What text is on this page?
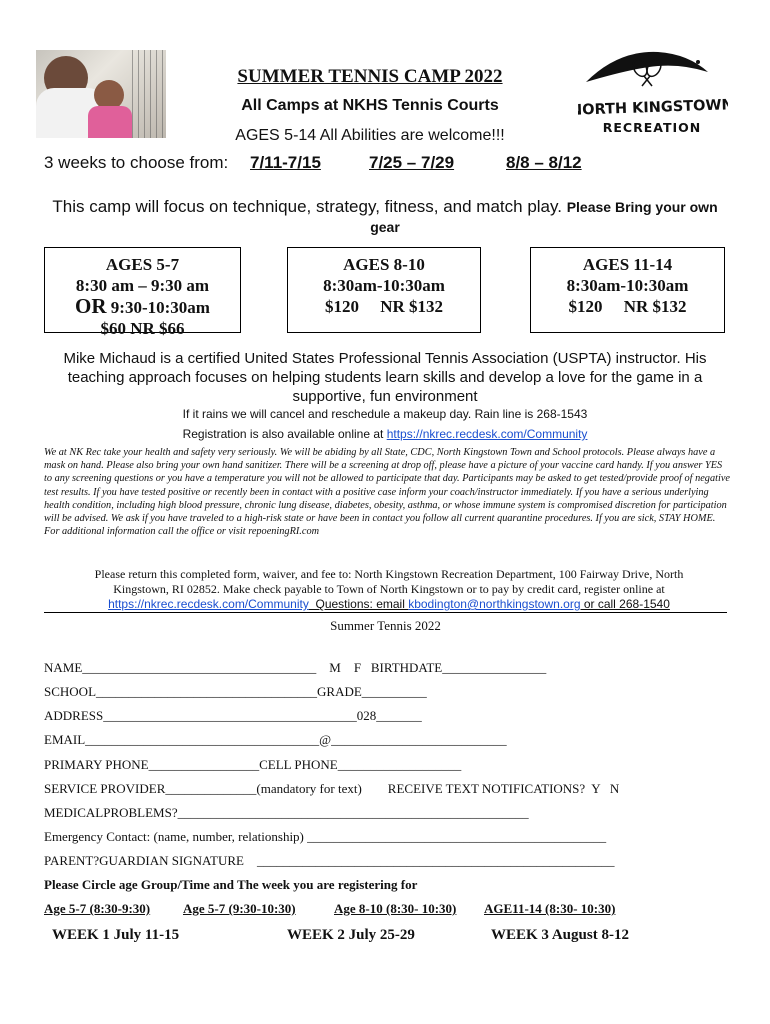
SUMMER TENNIS CAMP 2022
All Camps at NKHS Tennis Courts
AGES 5-14 All Abilities are welcome!!!
NORTH KINGSTOWN
RECREATION
3 weeks to choose from: 7/11-7/15	7/25 – 7/29	8/8 – 8/12
This camp will focus on technique, strategy, fitness, and match play. Please Bring your own gear
AGES 5-7
8:30 am – 9:30 am
OR 9:30-10:30am
$60 NR $66
AGES 8-10
8:30am-10:30am
$120     NR $132
AGES 11-14
8:30am-10:30am
$120     NR $132
Mike Michaud is a certified United States Professional Tennis Association (USPTA) instructor. His teaching approach focuses on helping students learn skills and develop a love for the game in a supportive, fun environment
If it rains we will cancel and reschedule a makeup day. Rain line is 268-1543
Registration is also available online at https://nkrec.recdesk.com/Community
We at NK Rec take your health and safety very seriously. We will be abiding by all State, CDC, North Kingstown Town and School protocols. Please always have a mask on hand. Please also bring your own hand sanitizer. There will be a screening at drop off, please have a picture of your vaccine card handy. If you answer YES to any screening questions or you have a temperature you will not be allowed to participate that day. Participants may be asked to get tested/provide proof of negative test results. If you have tested positive or recently been in contact with a positive case inform your coach/instructor immediately. If you have a serious underlying health condition, including high blood pressure, chronic lung disease, diabetes, obesity, asthma, or whose immune system is compromised discretion for participation will be advised. We ask if you have traveled to a high-risk state or have been in contact you follow all current quarantine procedures. If you are sick, STAY HOME.
For additional information call the office or visit repoeningRI.com
Please return this completed form, waiver, and fee to: North Kingstown Recreation Department, 100 Fairway Drive, North
Kingstown, RI 02852. Make check payable to Town of North Kingstown or to pay by credit card, register online at
https://nkrec.recdesk.com/Community  Questions: email kbodington@northkingstown.org or call 268-1540
Summer Tennis 2022
NAME____________________________________    M    F   BIRTHDATE________________
SCHOOL__________________________________GRADE__________
ADDRESS_______________________________________028_______
EMAIL____________________________________@___________________________
PRIMARY PHONE_________________CELL PHONE___________________
SERVICE PROVIDER______________(mandatory for text)        RECEIVE TEXT NOTIFICATIONS?  Y   N
MEDICALPROBLEMS?______________________________________________________
Emergency Contact: (name, number, relationship) ______________________________________________
PARENT?GUARDIAN SIGNATURE    _______________________________________________________
Please Circle age Group/Time and The week you are registering for
Age 5-7 (8:30-9:30)	Age 5-7 (9:30-10:30)	Age 8-10 (8:30- 10:30) AGE11-14 (8:30- 10:30)
WEEK 1 July 11-15	WEEK 2 July 25-29	WEEK 3 August 8-12
